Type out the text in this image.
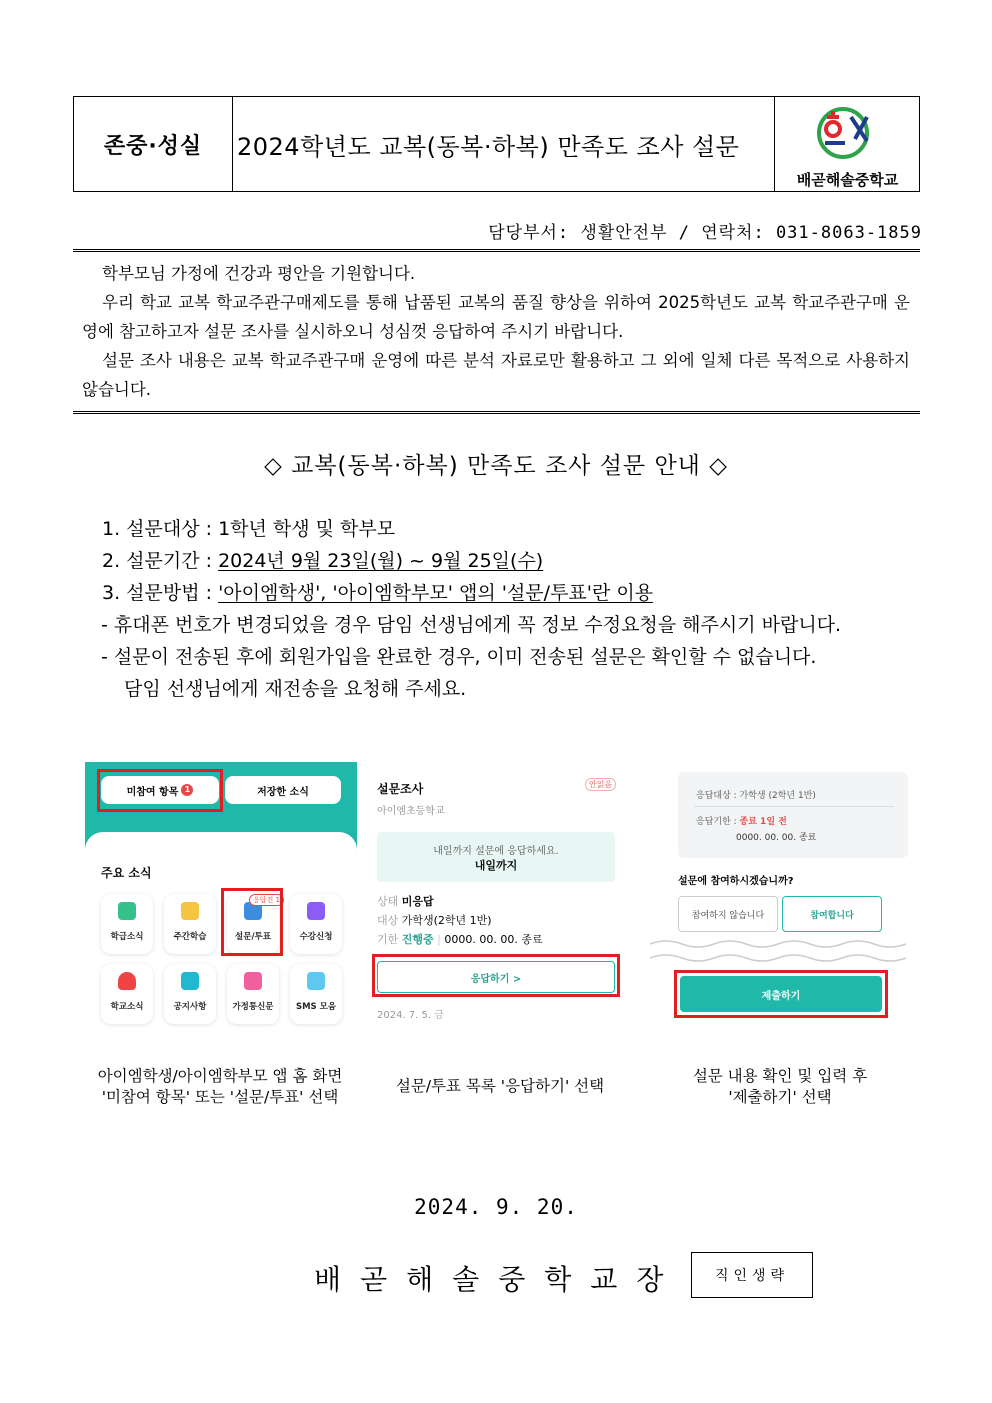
존중·성실	2024학년도 교복(동복·하복) 만족도 조사 설문
배곧해솔중학교
담당부서: 생활안전부 / 연락처: 031-8063-1859

학부모님 가정에 건강과 평안을 기원합니다.

우리 학교 교복 학교주관구매제도를 통해 납품된 교복의 품질 향상을 위하여 2025학년도 교복 학교주관구매 운영에 참고하고자 설문 조사를 실시하오니 성심껏 응답하여 주시기 바랍니다.

설문 조사 내용은 교복 학교주관구매 운영에 따른 분석 자료로만 활용하고 그 외에 일체 다른 목적으로 사용하지 않습니다.

◇ 교복(동복·하복) 만족도 조사 설문 안내 ◇
1. 설문대상 : 1학년 학생 및 학부모
2. 설문기간 : 2024년 9월 23일(월) ~ 9월 25일(수)
3. 설문방법 : '아이엠학생', '아이엠학부모' 앱의 '설문/투표'란 이용
- 휴대폰 번호가 변경되었을 경우 담임 선생님에게 꼭 정보 수정요청을 해주시기 바랍니다.
- 설문이 전송된 후에 회원가입을 완료한 경우, 이미 전송된 설문은 확인할 수 없습니다.
담임 선생님에게 재전송을 요청해 주세요.
미참여 항목 1	저장한 소식
주요 소식
학급소식	주간학습	설문/투표
응답전 1
수강신청
학교소식	공지사항	가정통신문	SMS 모음
설문조사	안읽음
아이엠초등학교
내일까지 설문에 응답하세요.
내일까지
상태 미응답
대상 가학생(2학년 1반)
기한 진행중 | 0000. 00. 00. 종료
응답하기 >
2024. 7. 5. 금
응답대상 : 가학생 (2학년 1반)
응답기한 : 종료 1일 전
0000. 00. 00. 종료
설문에 참여하시겠습니까?
참여하지 않습니다	참여합니다
제출하기
아이엠학생/아이엠학부모 앱 홈 화면
'미참여 항목' 또는 '설문/투표' 선택
설문/투표 목록 '응답하기' 선택
설문 내용 확인 및 입력 후
'제출하기' 선택
2024. 9. 20.
배곧해솔중학교장	직인생략
